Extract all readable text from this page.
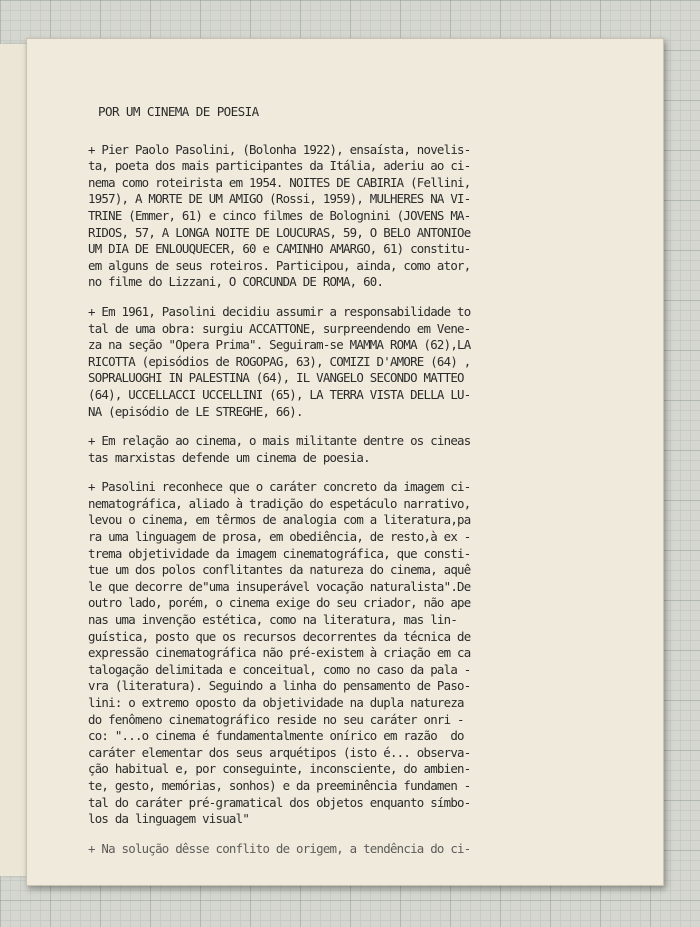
POR UM CINEMA DE POESIA
+ Pier Paolo Pasolini, (Bolonha 1922), ensaísta, novelis-
ta, poeta dos mais participantes da Itália, aderiu ao ci-
nema como roteirista em 1954. NOITES DE CABIRIA (Fellini,
1957), A MORTE DE UM AMIGO (Rossi, 1959), MULHERES NA VI-
TRINE (Emmer, 61) e cinco filmes de Bolognini (JOVENS MA-
RIDOS, 57, A LONGA NOITE DE LOUCURAS, 59, O BELO ANTONIOe
UM DIA DE ENLOUQUECER, 60 e CAMINHO AMARGO, 61) constitu-
em alguns de seus roteiros. Participou, ainda, como ator,
no filme do Lizzani, O CORCUNDA DE ROMA, 60.
+ Em 1961, Pasolini decidiu assumir a responsabilidade to
tal de uma obra: surgiu ACCATTONE, surpreendendo em Vene-
za na seção "Opera Prima". Seguiram-se MAMMA ROMA (62),LA
RICOTTA (episódios de ROGOPAG, 63), COMIZI D'AMORE (64) ,
SOPRALUOGHI IN PALESTINA (64), IL VANGELO SECONDO MATTEO
(64), UCCELLACCI UCCELLINI (65), LA TERRA VISTA DELLA LU-
NA (episódio de LE STREGHE, 66).
+ Em relação ao cinema, o mais militante dentre os cineas
tas marxistas defende um cinema de poesia.
+ Pasolini reconhece que o caráter concreto da imagem ci-
nematográfica, aliado à tradição do espetáculo narrativo,
levou o cinema, em têrmos de analogia com a literatura,pa
ra uma linguagem de prosa, em obediência, de resto,à ex -
trema objetividade da imagem cinematográfica, que consti-
tue um dos polos conflitantes da natureza do cinema, aquê
le que decorre de"uma insuperável vocação naturalista".De
outro lado, porém, o cinema exige do seu criador, não ape
nas uma invenção estética, como na literatura, mas lin-
guística, posto que os recursos decorrentes da técnica de
expressão cinematográfica não pré-existem à criação em ca
talogação delimitada e conceitual, como no caso da pala -
vra (literatura). Seguindo a linha do pensamento de Paso-
lini: o extremo oposto da objetividade na dupla natureza
do fenômeno cinematográfico reside no seu caráter onri -
co: "...o cinema é fundamentalmente onírico em razão  do
caráter elementar dos seus arquétipos (isto é... observa-
ção habitual e, por conseguinte, inconsciente, do ambien-
te, gesto, memórias, sonhos) e da preeminência fundamen -
tal do caráter pré-gramatical dos objetos enquanto símbo-
los da linguagem visual"
+ Na solução dêsse conflito de origem, a tendência do ci-
